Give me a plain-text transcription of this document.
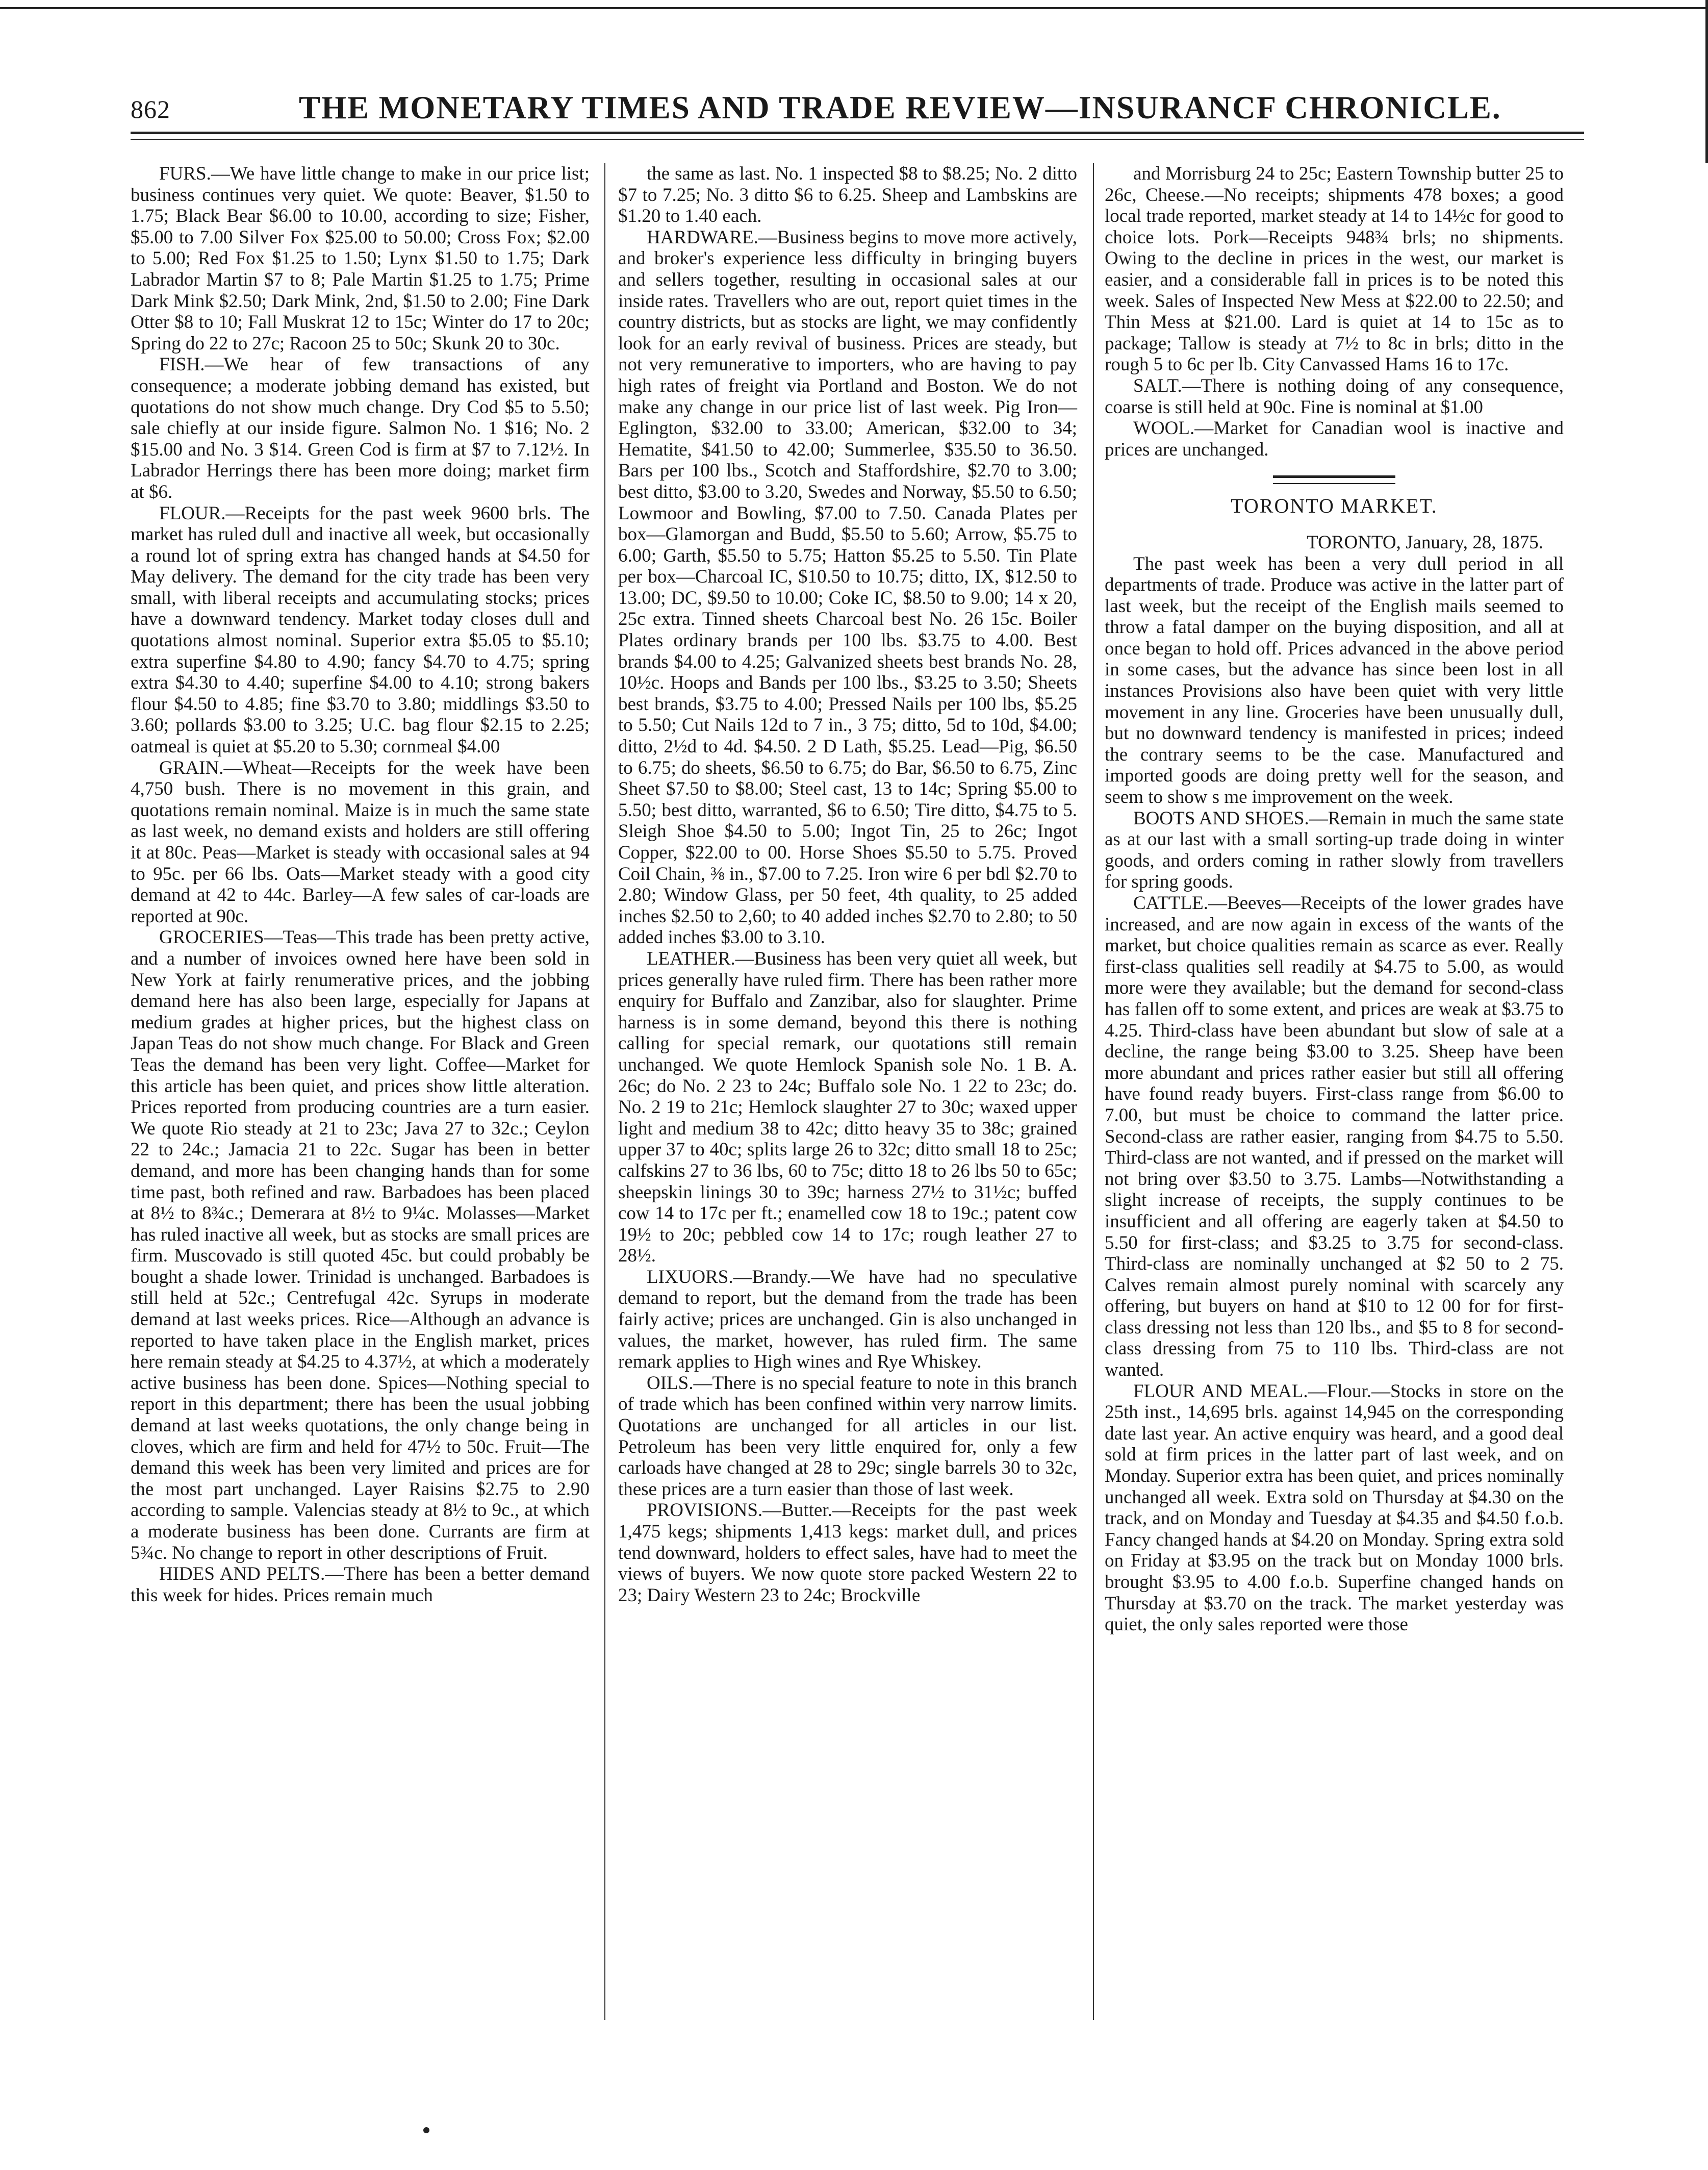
862	THE MONETARY TIMES AND TRADE REVIEW—INSURANCF CHRONICLE.

FURS.—We have little change to make in our price list; business continues very quiet. We quote: Beaver, $1.50 to 1.75; Black Bear $6.00 to 10.00, according to size; Fisher, $5.00 to 7.00 Silver Fox $25.00 to 50.00; Cross Fox; $2.00 to 5.00; Red Fox $1.25 to 1.50; Lynx $1.50 to 1.75; Dark Labrador Martin $7 to 8; Pale Martin $1.25 to 1.75; Prime Dark Mink $2.50; Dark Mink, 2nd, $1.50 to 2.00; Fine Dark Otter $8 to 10; Fall Muskrat 12 to 15c; Winter do 17 to 20c; Spring do 22 to 27c; Racoon 25 to 50c; Skunk 20 to 30c.

FISH.—We hear of few transactions of any consequence; a moderate jobbing demand has existed, but quotations do not show much change. Dry Cod $5 to 5.50; sale chiefly at our inside figure. Salmon No. 1 $16; No. 2 $15.00 and No. 3 $14. Green Cod is firm at $7 to 7.12½. In Labrador Herrings there has been more doing; market firm at $6.

FLOUR.—Receipts for the past week 9600 brls. The market has ruled dull and inactive all week, but occasionally a round lot of spring extra has changed hands at $4.50 for May delivery. The demand for the city trade has been very small, with liberal receipts and accumulating stocks; prices have a downward tendency. Market today closes dull and quotations almost nominal. Superior extra $5.05 to $5.10; extra superfine $4.80 to 4.90; fancy $4.70 to 4.75; spring extra $4.30 to 4.40; superfine $4.00 to 4.10; strong bakers flour $4.50 to 4.85; fine $3.70 to 3.80; middlings $3.50 to 3.60; pollards $3.00 to 3.25; U.C. bag flour $2.15 to 2.25; oatmeal is quiet at $5.20 to 5.30; cornmeal $4.00

GRAIN.—Wheat—Receipts for the week have been 4,750 bush. There is no movement in this grain, and quotations remain nominal. Maize is in much the same state as last week, no demand exists and holders are still offering it at 80c. Peas—Market is steady with occasional sales at 94 to 95c. per 66 lbs. Oats—Market steady with a good city demand at 42 to 44c. Barley—A few sales of car-loads are reported at 90c.

GROCERIES—Teas—This trade has been pretty active, and a number of invoices owned here have been sold in New York at fairly renumerative prices, and the jobbing demand here has also been large, especially for Japans at medium grades at higher prices, but the highest class on Japan Teas do not show much change. For Black and Green Teas the demand has been very light. Coffee—Market for this article has been quiet, and prices show little alteration. Prices reported from producing countries are a turn easier. We quote Rio steady at 21 to 23c; Java 27 to 32c.; Ceylon 22 to 24c.; Jamacia 21 to 22c. Sugar has been in better demand, and more has been changing hands than for some time past, both refined and raw. Barbadoes has been placed at 8½ to 8¾c.; Demerara at 8½ to 9¼c. Molasses—Market has ruled inactive all week, but as stocks are small prices are firm. Muscovado is still quoted 45c. but could probably be bought a shade lower. Trinidad is unchanged. Barbadoes is still held at 52c.; Centrefugal 42c. Syrups in moderate demand at last weeks prices. Rice—Although an advance is reported to have taken place in the English market, prices here remain steady at $4.25 to 4.37½, at which a moderately active business has been done. Spices—Nothing special to report in this department; there has been the usual jobbing demand at last weeks quotations, the only change being in cloves, which are firm and held for 47½ to 50c. Fruit—The demand this week has been very limited and prices are for the most part unchanged. Layer Raisins $2.75 to 2.90 according to sample. Valencias steady at 8½ to 9c., at which a moderate business has been done. Currants are firm at 5¾c. No change to report in other descriptions of Fruit.

HIDES AND PELTS.—There has been a better demand this week for hides. Prices remain much

the same as last. No. 1 inspected $8 to $8.25; No. 2 ditto $7 to 7.25; No. 3 ditto $6 to 6.25. Sheep and Lambskins are $1.20 to 1.40 each.

HARDWARE.—Business begins to move more actively, and broker's experience less difficulty in bringing buyers and sellers together, resulting in occasional sales at our inside rates. Travellers who are out, report quiet times in the country districts, but as stocks are light, we may confidently look for an early revival of business. Prices are steady, but not very remunerative to importers, who are having to pay high rates of freight via Portland and Boston. We do not make any change in our price list of last week. Pig Iron—Eglington, $32.00 to 33.00; American, $32.00 to 34; Hematite, $41.50 to 42.00; Summerlee, $35.50 to 36.50. Bars per 100 lbs., Scotch and Staffordshire, $2.70 to 3.00; best ditto, $3.00 to 3.20, Swedes and Norway, $5.50 to 6.50; Lowmoor and Bowling, $7.00 to 7.50. Canada Plates per box—Glamorgan and Budd, $5.50 to 5.60; Arrow, $5.75 to 6.00; Garth, $5.50 to 5.75; Hatton $5.25 to 5.50. Tin Plate per box—Charcoal IC, $10.50 to 10.75; ditto, IX, $12.50 to 13.00; DC, $9.50 to 10.00; Coke IC, $8.50 to 9.00; 14 x 20, 25c extra. Tinned sheets Charcoal best No. 26 15c. Boiler Plates ordinary brands per 100 lbs. $3.75 to 4.00. Best brands $4.00 to 4.25; Galvanized sheets best brands No. 28, 10½c. Hoops and Bands per 100 lbs., $3.25 to 3.50; Sheets best brands, $3.75 to 4.00; Pressed Nails per 100 lbs, $5.25 to 5.50; Cut Nails 12d to 7 in., 3 75; ditto, 5d to 10d, $4.00; ditto, 2½d to 4d. $4.50. 2 D Lath, $5.25. Lead—Pig, $6.50 to 6.75; do sheets, $6.50 to 6.75; do Bar, $6.50 to 6.75, Zinc Sheet $7.50 to $8.00; Steel cast, 13 to 14c; Spring $5.00 to 5.50; best ditto, warranted, $6 to 6.50; Tire ditto, $4.75 to 5. Sleigh Shoe $4.50 to 5.00; Ingot Tin, 25 to 26c; Ingot Copper, $22.00 to 00. Horse Shoes $5.50 to 5.75. Proved Coil Chain, ⅜ in., $7.00 to 7.25. Iron wire 6 per bdl $2.70 to 2.80; Window Glass, per 50 feet, 4th quality, to 25 added inches $2.50 to 2,60; to 40 added inches $2.70 to 2.80; to 50 added inches $3.00 to 3.10.

LEATHER.—Business has been very quiet all week, but prices generally have ruled firm. There has been rather more enquiry for Buffalo and Zanzibar, also for slaughter. Prime harness is in some demand, beyond this there is nothing calling for special remark, our quotations still remain unchanged. We quote Hemlock Spanish sole No. 1 B. A. 26c; do No. 2 23 to 24c; Buffalo sole No. 1 22 to 23c; do. No. 2 19 to 21c; Hemlock slaughter 27 to 30c; waxed upper light and medium 38 to 42c; ditto heavy 35 to 38c; grained upper 37 to 40c; splits large 26 to 32c; ditto small 18 to 25c; calfskins 27 to 36 lbs, 60 to 75c; ditto 18 to 26 lbs 50 to 65c; sheepskin linings 30 to 39c; harness 27½ to 31½c; buffed cow 14 to 17c per ft.; enamelled cow 18 to 19c.; patent cow 19½ to 20c; pebbled cow 14 to 17c; rough leather 27 to 28½.

LIXUORS.—Brandy.—We have had no speculative demand to report, but the demand from the trade has been fairly active; prices are unchanged. Gin is also unchanged in values, the market, however, has ruled firm. The same remark applies to High wines and Rye Whiskey.

OILS.—There is no special feature to note in this branch of trade which has been confined within very narrow limits. Quotations are unchanged for all articles in our list. Petroleum has been very little enquired for, only a few carloads have changed at 28 to 29c; single barrels 30 to 32c, these prices are a turn easier than those of last week.

PROVISIONS.—Butter.—Receipts for the past week 1,475 kegs; shipments 1,413 kegs: market dull, and prices tend downward, holders to effect sales, have had to meet the views of buyers. We now quote store packed Western 22 to 23; Dairy Western 23 to 24c; Brockville

and Morrisburg 24 to 25c; Eastern Township butter 25 to 26c, Cheese.—No receipts; shipments 478 boxes; a good local trade reported, market steady at 14 to 14½c for good to choice lots. Pork—Receipts 948¾ brls; no shipments. Owing to the decline in prices in the west, our market is easier, and a considerable fall in prices is to be noted this week. Sales of Inspected New Mess at $22.00 to 22.50; and Thin Mess at $21.00. Lard is quiet at 14 to 15c as to package; Tallow is steady at 7½ to 8c in brls; ditto in the rough 5 to 6c per lb. City Canvassed Hams 16 to 17c.

SALT.—There is nothing doing of any consequence, coarse is still held at 90c. Fine is nominal at $1.00

WOOL.—Market for Canadian wool is inactive and prices are unchanged.

TORONTO MARKET.

TORONTO, January, 28, 1875.

The past week has been a very dull period in all departments of trade. Produce was active in the latter part of last week, but the receipt of the English mails seemed to throw a fatal damper on the buying disposition, and all at once began to hold off. Prices advanced in the above period in some cases, but the advance has since been lost in all instances Provisions also have been quiet with very little movement in any line. Groceries have been unusually dull, but no downward tendency is manifested in prices; indeed the contrary seems to be the case. Manufactured and imported goods are doing pretty well for the season, and seem to show s me improvement on the week.

BOOTS AND SHOES.—Remain in much the same state as at our last with a small sorting-up trade doing in winter goods, and orders coming in rather slowly from travellers for spring goods.

CATTLE.—Beeves—Receipts of the lower grades have increased, and are now again in excess of the wants of the market, but choice qualities remain as scarce as ever. Really first-class qualities sell readily at $4.75 to 5.00, as would more were they available; but the demand for second-class has fallen off to some extent, and prices are weak at $3.75 to 4.25. Third-class have been abundant but slow of sale at a decline, the range being $3.00 to 3.25. Sheep have been more abundant and prices rather easier but still all offering have found ready buyers. First-class range from $6.00 to 7.00, but must be choice to command the latter price. Second-class are rather easier, ranging from $4.75 to 5.50. Third-class are not wanted, and if pressed on the market will not bring over $3.50 to 3.75. Lambs—Notwithstanding a slight increase of receipts, the supply continues to be insufficient and all offering are eagerly taken at $4.50 to 5.50 for first-class; and $3.25 to 3.75 for second-class. Third-class are nominally unchanged at $2 50 to 2 75. Calves remain almost purely nominal with scarcely any offering, but buyers on hand at $10 to 12 00 for for first-class dressing not less than 120 lbs., and $5 to 8 for second-class dressing from 75 to 110 lbs. Third-class are not wanted.

FLOUR AND MEAL.—Flour.—Stocks in store on the 25th inst., 14,695 brls. against 14,945 on the corresponding date last year. An active enquiry was heard, and a good deal sold at firm prices in the latter part of last week, and on Monday. Superior extra has been quiet, and prices nominally unchanged all week. Extra sold on Thursday at $4.30 on the track, and on Monday and Tuesday at $4.35 and $4.50 f.o.b. Fancy changed hands at $4.20 on Monday. Spring extra sold on Friday at $3.95 on the track but on Monday 1000 brls. brought $3.95 to 4.00 f.o.b. Superfine changed hands on Thursday at $3.70 on the track. The market yesterday was quiet, the only sales reported were those
